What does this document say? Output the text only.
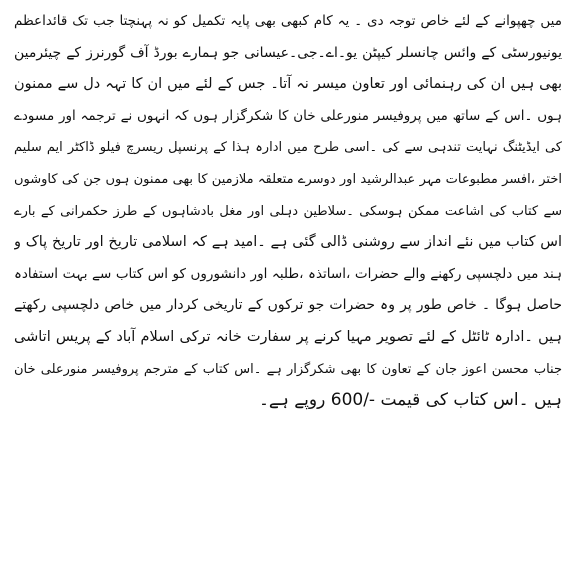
میں چھپوانے کے لئے خاص توجہ دی ۔ یہ کام کبھی بھی پایہ تکمیل کو نہ پہنچتا جب تک قائداعظم
یونیورسٹی کے وائس چانسلر کیپٹن یو۔اے۔جی۔عیسانی جو ہمارے بورڈ آف گورنرز کے چیئرمین
بھی ہیں ان کی رہنمائی اور تعاون میسر نہ آتا۔ جس کے لئے میں ان کا تہہ دل سے ممنون
ہوں ۔اس کے ساتھ میں پروفیسر منورعلی خان کا شکرگزار ہوں کہ انہوں نے ترجمہ اور مسودے
کی ایڈیٹنگ نہایت تندہی سے کی ۔اسی طرح میں ادارہ ہذا کے پرنسپل ریسرچ فیلو ڈاکٹر ایم سلیم
اختر ،افسر مطبوعات مہر عبدالرشید اور دوسرے متعلقہ ملازمین کا بھی ممنون ہوں جن کی کاوشوں
سے کتاب کی اشاعت ممکن ہوسکی ۔سلاطین دہلی اور مغل بادشاہوں کے طرز حکمرانی کے بارے
اس کتاب میں نئے انداز سے روشنی ڈالی گئی ہے ۔امید ہے کہ اسلامی تاریخ اور تاریخ پاک و
ہند میں دلچسپی رکھنے والے حضرات ،اساتذہ ،طلبہ اور دانشوروں کو اس کتاب سے بہت استفادہ
حاصل ہوگا ۔ خاص طور پر وہ حضرات جو ترکوں کے تاریخی کردار میں خاص دلچسپی رکھتے
ہیں ۔ادارہ ٹائٹل کے لئے تصویر مہیا کرنے پر سفارت خانہ ترکی اسلام آباد کے پریس اتاشی
جناب محسن اعوز جان کے تعاون کا بھی شکرگزار ہے ۔اس کتاب کے مترجم پروفیسر منورعلی خان
ہیں ۔اس کتاب کی قیمت -/600 روپے ہے۔
